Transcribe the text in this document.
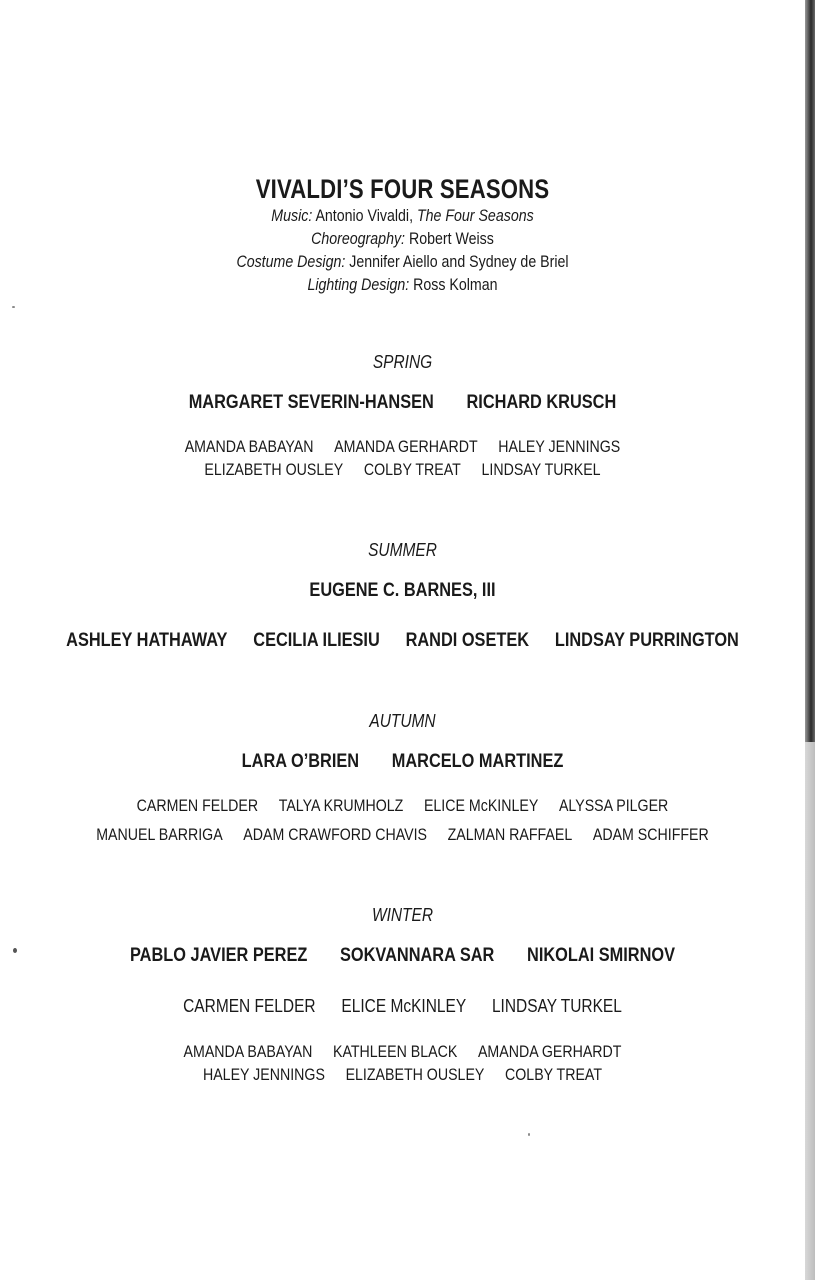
VIVALDI’S FOUR SEASONS
Music: Antonio Vivaldi, The Four Seasons
Choreography: Robert Weiss
Costume Design: Jennifer Aiello and Sydney de Briel
Lighting Design: Ross Kolman
SPRING
MARGARET SEVERIN-HANSEN RICHARD KRUSCH
AMANDA BABAYAN AMANDA GERHARDT HALEY JENNINGS
ELIZABETH OUSLEY COLBY TREAT LINDSAY TURKEL
SUMMER
EUGENE C. BARNES, III
ASHLEY HATHAWAY CECILIA ILIESIU RANDI OSETEK LINDSAY PURRINGTON
AUTUMN
LARA O’BRIEN MARCELO MARTINEZ
CARMEN FELDER TALYA KRUMHOLZ ELICE McKINLEY ALYSSA PILGER
MANUEL BARRIGA ADAM CRAWFORD CHAVIS ZALMAN RAFFAEL ADAM SCHIFFER
WINTER
PABLO JAVIER PEREZ SOKVANNARA SAR NIKOLAI SMIRNOV
CARMEN FELDER ELICE McKINLEY LINDSAY TURKEL
AMANDA BABAYAN KATHLEEN BLACK AMANDA GERHARDT
HALEY JENNINGS ELIZABETH OUSLEY COLBY TREAT
